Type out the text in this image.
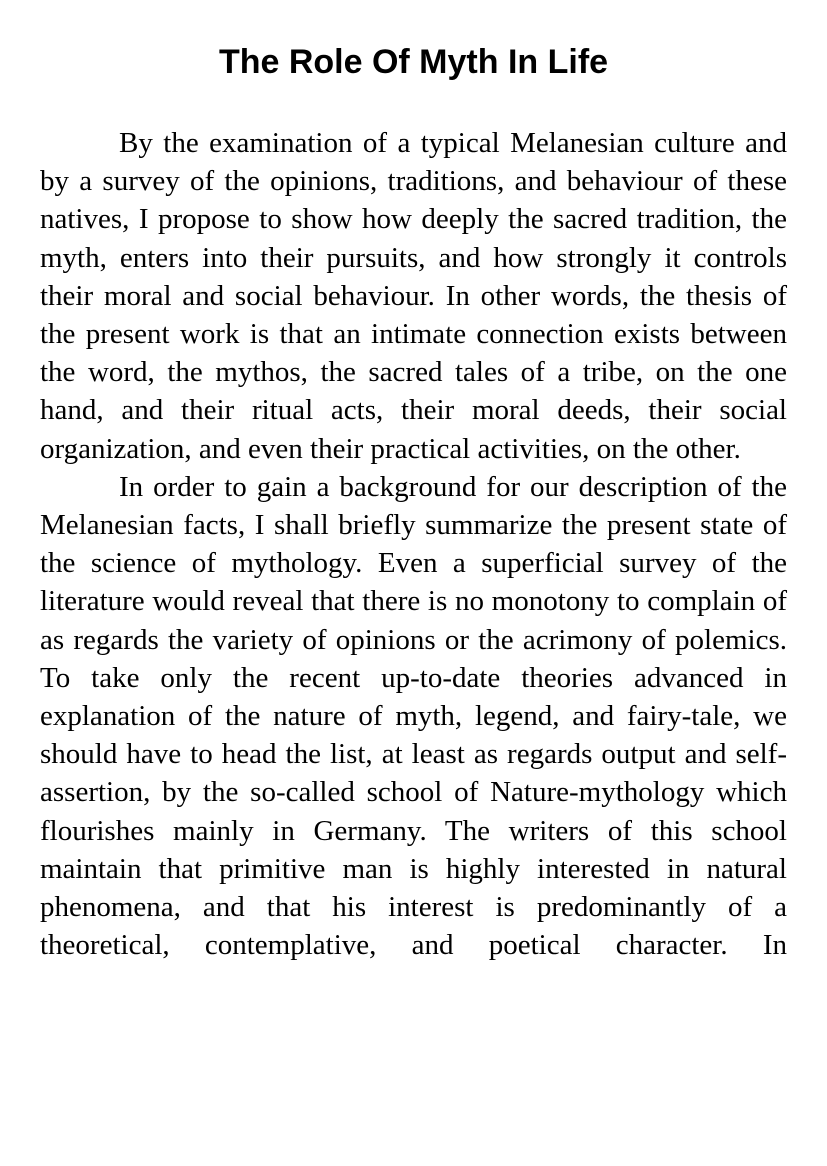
The Role Of Myth In Life

By the examination of a typical Melanesian culture and by a survey of the opinions, traditions, and behaviour of these natives, I propose to show how deeply the sacred tradition, the myth, enters into their pursuits, and how strongly it controls their moral and social behaviour. In other words, the thesis of the present work is that an intimate connection exists between the word, the mythos, the sacred tales of a tribe, on the one hand, and their ritual acts, their moral deeds, their social organization, and even their practical activities, on the other.

In order to gain a background for our description of the Melanesian facts, I shall briefly summarize the present state of the science of mythology. Even a superficial survey of the literature would reveal that there is no monotony to complain of as regards the variety of opinions or the acrimony of polemics. To take only the recent up-to-date theories advanced in explanation of the nature of myth, legend, and fairy-tale, we should have to head the list, at least as regards output and self-assertion, by the so-called school of Nature-mythology which flourishes mainly in Germany. The writers of this school maintain that primitive man is highly interested in natural phenomena, and that his interest is predominantly of a theoretical, contemplative, and poetical character. In
